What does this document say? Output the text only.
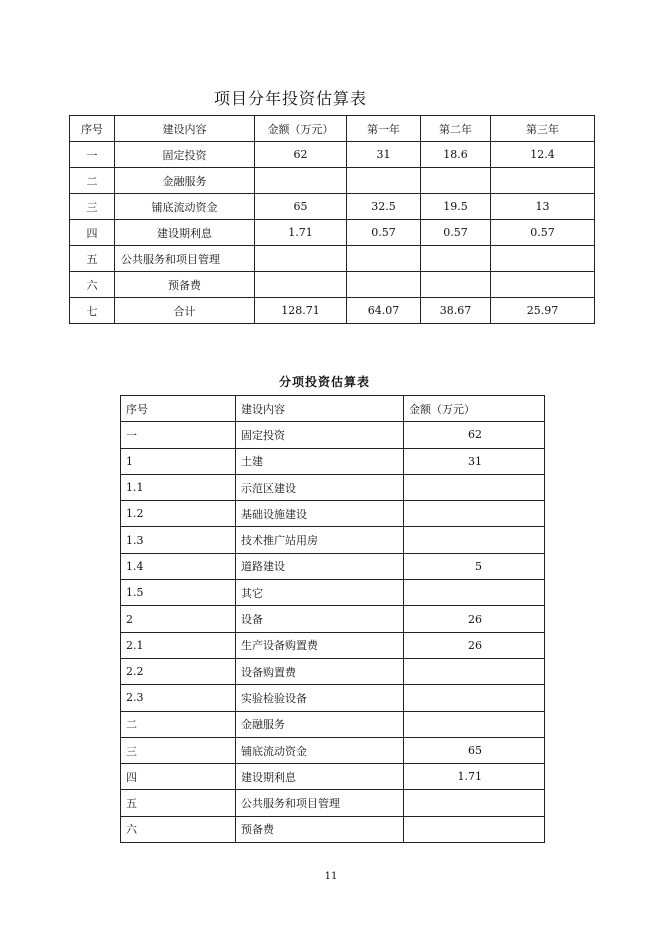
项目分年投资估算表
序号	建设内容	金额（万元）	第一年	第二年	第三年
一	固定投资	62	31	18.6	12.4
二	金融服务				
三	铺底流动资金	65	32.5	19.5	13
四	建设期利息	1.71	0.57	0.57	0.57
五	公共服务和项目管理				
六	预备费				
七	合计	128.71	64.07	38.67	25.97
分项投资估算表
序号	建设内容	金额（万元）
一	固定投资	62
1	土建	31
1.1	示范区建设	
1.2	基础设施建设	
1.3	技术推广站用房	
1.4	道路建设	5
1.5	其它	
2	设备	26
2.1	生产设备购置费	26
2.2	设备购置费	
2.3	实验检验设备	
二	金融服务	
三	铺底流动资金	65
四	建设期利息	1.71
五	公共服务和项目管理	
六	预备费	
11
